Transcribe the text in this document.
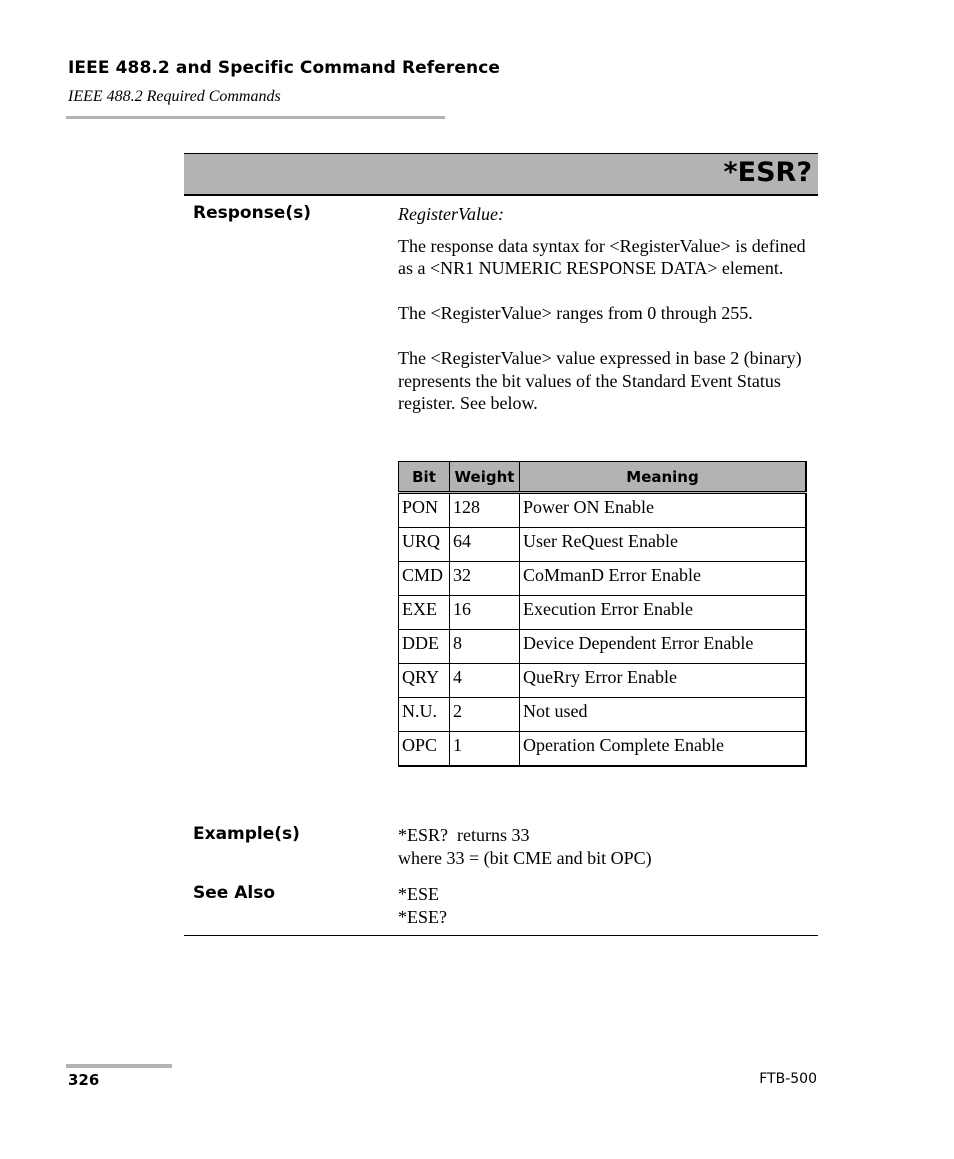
IEEE 488.2 and Specific Command Reference
IEEE 488.2 Required Commands
*ESR?
Response(s)	RegisterValue:

The response data syntax for <RegisterValue> is defined as a <NR1 NUMERIC RESPONSE DATA> element.

The <RegisterValue> ranges from 0 through 255.

The <RegisterValue> value expressed in base 2 (binary) represents the bit values of the Standard Event Status register. See below.

Bit	Weight	Meaning
PON	128	Power ON Enable
URQ	64	User ReQuest Enable
CMD	32	CoMmanD Error Enable
EXE	16	Execution Error Enable
DDE	8	Device Dependent Error Enable
QRY	4	QueRry Error Enable
N.U.	2	Not used
OPC	1	Operation Complete Enable
Example(s)	*ESR?  returns 33

where 33 = (bit CME and bit OPC)

See Also	*ESE

*ESE?

326	FTB-500
